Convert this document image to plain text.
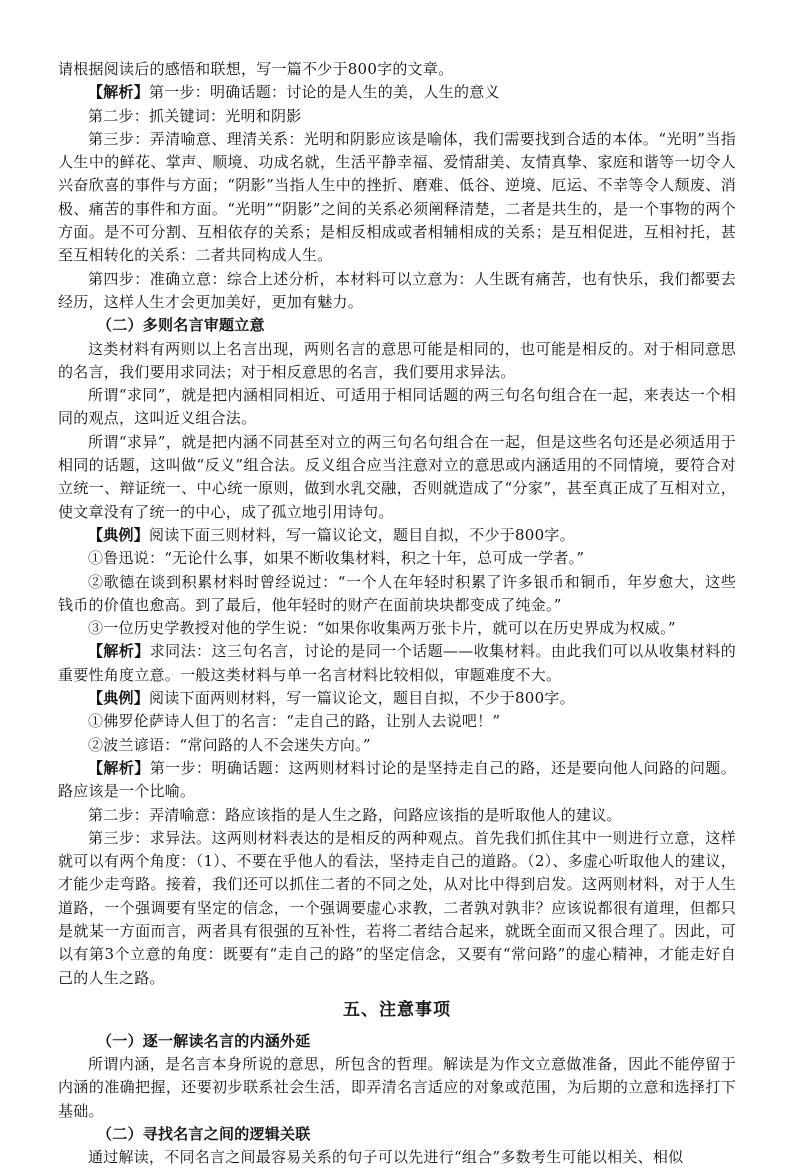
请根据阅读后的感悟和联想，写一篇不少于800字的文章。

【解析】第一步：明确话题：讨论的是人生的美，人生的意义

第二步：抓关键词：光明和阴影

第三步：弄清喻意、理清关系：光明和阴影应该是喻体，我们需要找到合适的本体。“光明”当指人生中的鲜花、掌声、顺境、功成名就，生活平静幸福、爱情甜美、友情真挚、家庭和谐等一切令人兴奋欣喜的事件与方面；“阴影”当指人生中的挫折、磨难、低谷、逆境、厄运、不幸等令人颓废、消极、痛苦的事件和方面。“光明”“阴影”之间的关系必须阐释清楚，二者是共生的，是一个事物的两个方面。是不可分割、互相依存的关系；是相反相成或者相辅相成的关系；是互相促进，互相衬托，甚至互相转化的关系：二者共同构成人生。

第四步：准确立意：综合上述分析，本材料可以立意为：人生既有痛苦，也有快乐，我们都要去经历，这样人生才会更加美好，更加有魅力。

（二）多则名言审题立意

这类材料有两则以上名言出现，两则名言的意思可能是相同的，也可能是相反的。对于相同意思的名言，我们要用求同法；对于相反意思的名言，我们要用求异法。

所谓“求同”，就是把内涵相同相近、可适用于相同话题的两三句名句组合在一起，来表达一个相同的观点，这叫近义组合法。

所谓“求异”，就是把内涵不同甚至对立的两三句名句组合在一起，但是这些名句还是必须适用于相同的话题，这叫做“反义”组合法。反义组合应当注意对立的意思或内涵适用的不同情境，要符合对立统一、辩证统一、中心统一原则，做到水乳交融，否则就造成了“分家”，甚至真正成了互相对立，使文章没有了统一的中心，成了孤立地引用诗句。

【典例】阅读下面三则材料，写一篇议论文，题目自拟，不少于800字。

①鲁迅说：“无论什么事，如果不断收集材料，积之十年，总可成一学者。”

②歌德在谈到积累材料时曾经说过：“一个人在年轻时积累了许多银币和铜币，年岁愈大，这些钱币的价值也愈高。到了最后，他年轻时的财产在面前块块都变成了纯金。”

③一位历史学教授对他的学生说：“如果你收集两万张卡片，就可以在历史界成为权威。”

【解析】求同法：这三句名言，讨论的是同一个话题——收集材料。由此我们可以从收集材料的重要性角度立意。一般这类材料与单一名言材料比较相似，审题难度不大。

【典例】阅读下面两则材料，写一篇议论文，题目自拟，不少于800字。

①佛罗伦萨诗人但丁的名言：“走自己的路，让别人去说吧！”

②波兰谚语：“常问路的人不会迷失方向。”

【解析】第一步：明确话题：这两则材料讨论的是坚持走自己的路，还是要向他人问路的问题。路应该是一个比喻。

第二步：弄清喻意：路应该指的是人生之路，问路应该指的是听取他人的建议。

第三步：求异法。这两则材料表达的是相反的两种观点。首先我们抓住其中一则进行立意，这样就可以有两个角度：（1）、不要在乎他人的看法，坚持走自己的道路。（2）、多虚心听取他人的建议，才能少走弯路。接着，我们还可以抓住二者的不同之处，从对比中得到启发。这两则材料，对于人生道路，一个强调要有坚定的信念，一个强调要虚心求教，二者孰对孰非？应该说都很有道理，但都只是就某一方面而言，两者具有很强的互补性，若将二者结合起来，就既全面而又很合理了。因此，可以有第3个立意的角度：既要有“走自己的路”的坚定信念，又要有“常问路”的虚心精神，才能走好自己的人生之路。

五、注意事项

（一）逐一解读名言的内涵外延

所谓内涵，是名言本身所说的意思，所包含的哲理。解读是为作文立意做准备，因此不能停留于内涵的准确把握，还要初步联系社会生活，即弄清名言适应的对象或范围，为后期的立意和选择打下基础。

（二）寻找名言之间的逻辑关联

通过解读，不同名言之间最容易关系的句子可以先进行“组合”多数考生可能以相关、相似
